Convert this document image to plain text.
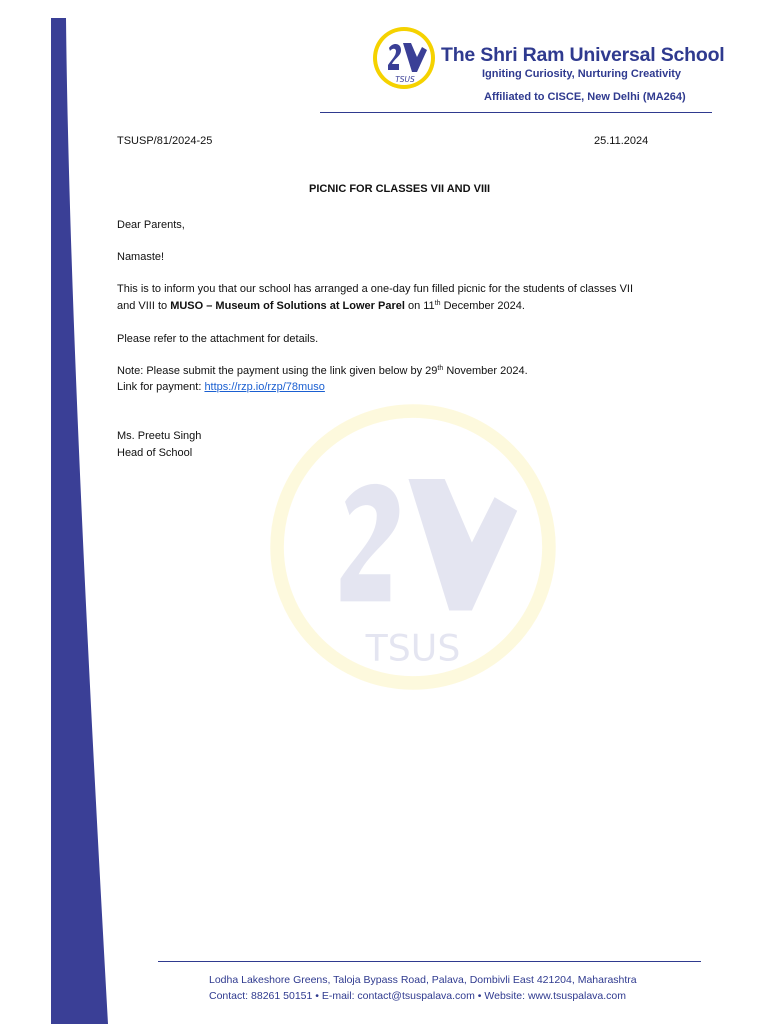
TSUS
TSUS
The Shri Ram Universal School
Igniting Curiosity, Nurturing Creativity
Affiliated to CISCE, New Delhi (MA264)
TSUSP/81/2024-25	25.11.2024
PICNIC FOR CLASSES VII AND VIII
Dear Parents,
Namaste!
This is to inform you that our school has arranged a one-day fun filled picnic for the students of classes VII
and VIII to MUSO – Museum of Solutions at Lower Parel on 11th December 2024.
Please refer to the attachment for details.
Note: Please submit the payment using the link given below by 29th November 2024.
Link for payment: https://rzp.io/rzp/78muso
Ms. Preetu Singh
Head of School
Lodha Lakeshore Greens, Taloja Bypass Road, Palava, Dombivli East 421204, Maharashtra
Contact: 88261 50151 • E-mail: contact@tsuspalava.com • Website: www.tsuspalava.com
